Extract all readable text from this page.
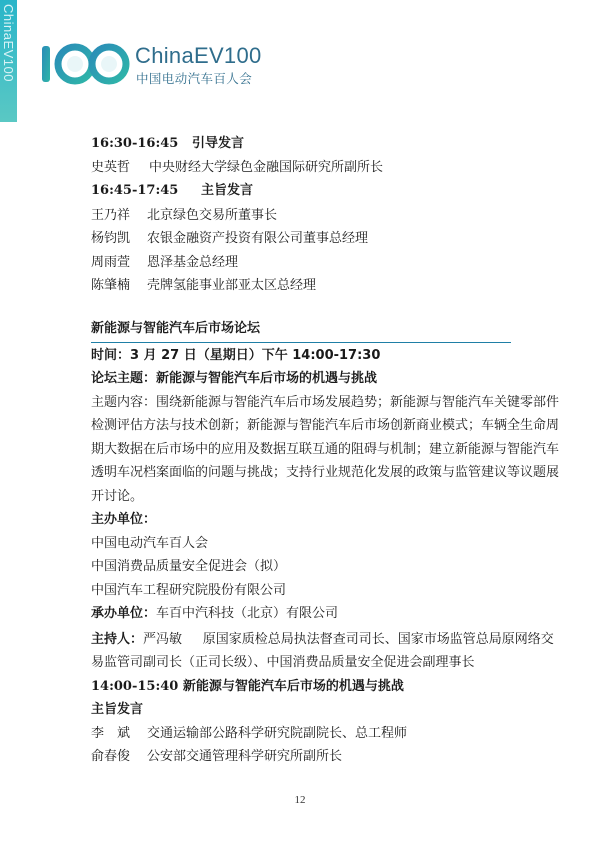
ChinaEV100	ChinaEV100
中国电动汽车百人会
16:30-16:45 引导发言
史英哲 中央财经大学绿色金融国际研究所副所长
16:45-17:45 主旨发言
王乃祥 北京绿色交易所董事长
杨钧凯 农银金融资产投资有限公司董事总经理
周雨萱 恩泽基金总经理
陈肇楠 壳牌氢能事业部亚太区总经理
新能源与智能汽车后市场论坛
时间：3 月 27 日（星期日）下午 14:00-17:30
论坛主题：新能源与智能汽车后市场的机遇与挑战
主题内容：围绕新能源与智能汽车后市场发展趋势；新能源与智能汽车关键零部件
检测评估方法与技术创新；新能源与智能汽车后市场创新商业模式；车辆全生命周
期大数据在后市场中的应用及数据互联互通的阻碍与机制；建立新能源与智能汽车
透明车况档案面临的问题与挑战；支持行业规范化发展的政策与监管建议等议题展
开讨论。
主办单位：
中国电动汽车百人会
中国消费品质量安全促进会（拟）
中国汽车工程研究院股份有限公司
承办单位：车百中汽科技（北京）有限公司
主持人：严冯敏 原国家质检总局执法督查司司长、国家市场监管总局原网络交
易监管司副司长（正司长级）、中国消费品质量安全促进会副理事长
14:00-15:40 新能源与智能汽车后市场的机遇与挑战
主旨发言
李　斌 交通运输部公路科学研究院副院长、总工程师
俞春俊 公安部交通管理科学研究所副所长
12
